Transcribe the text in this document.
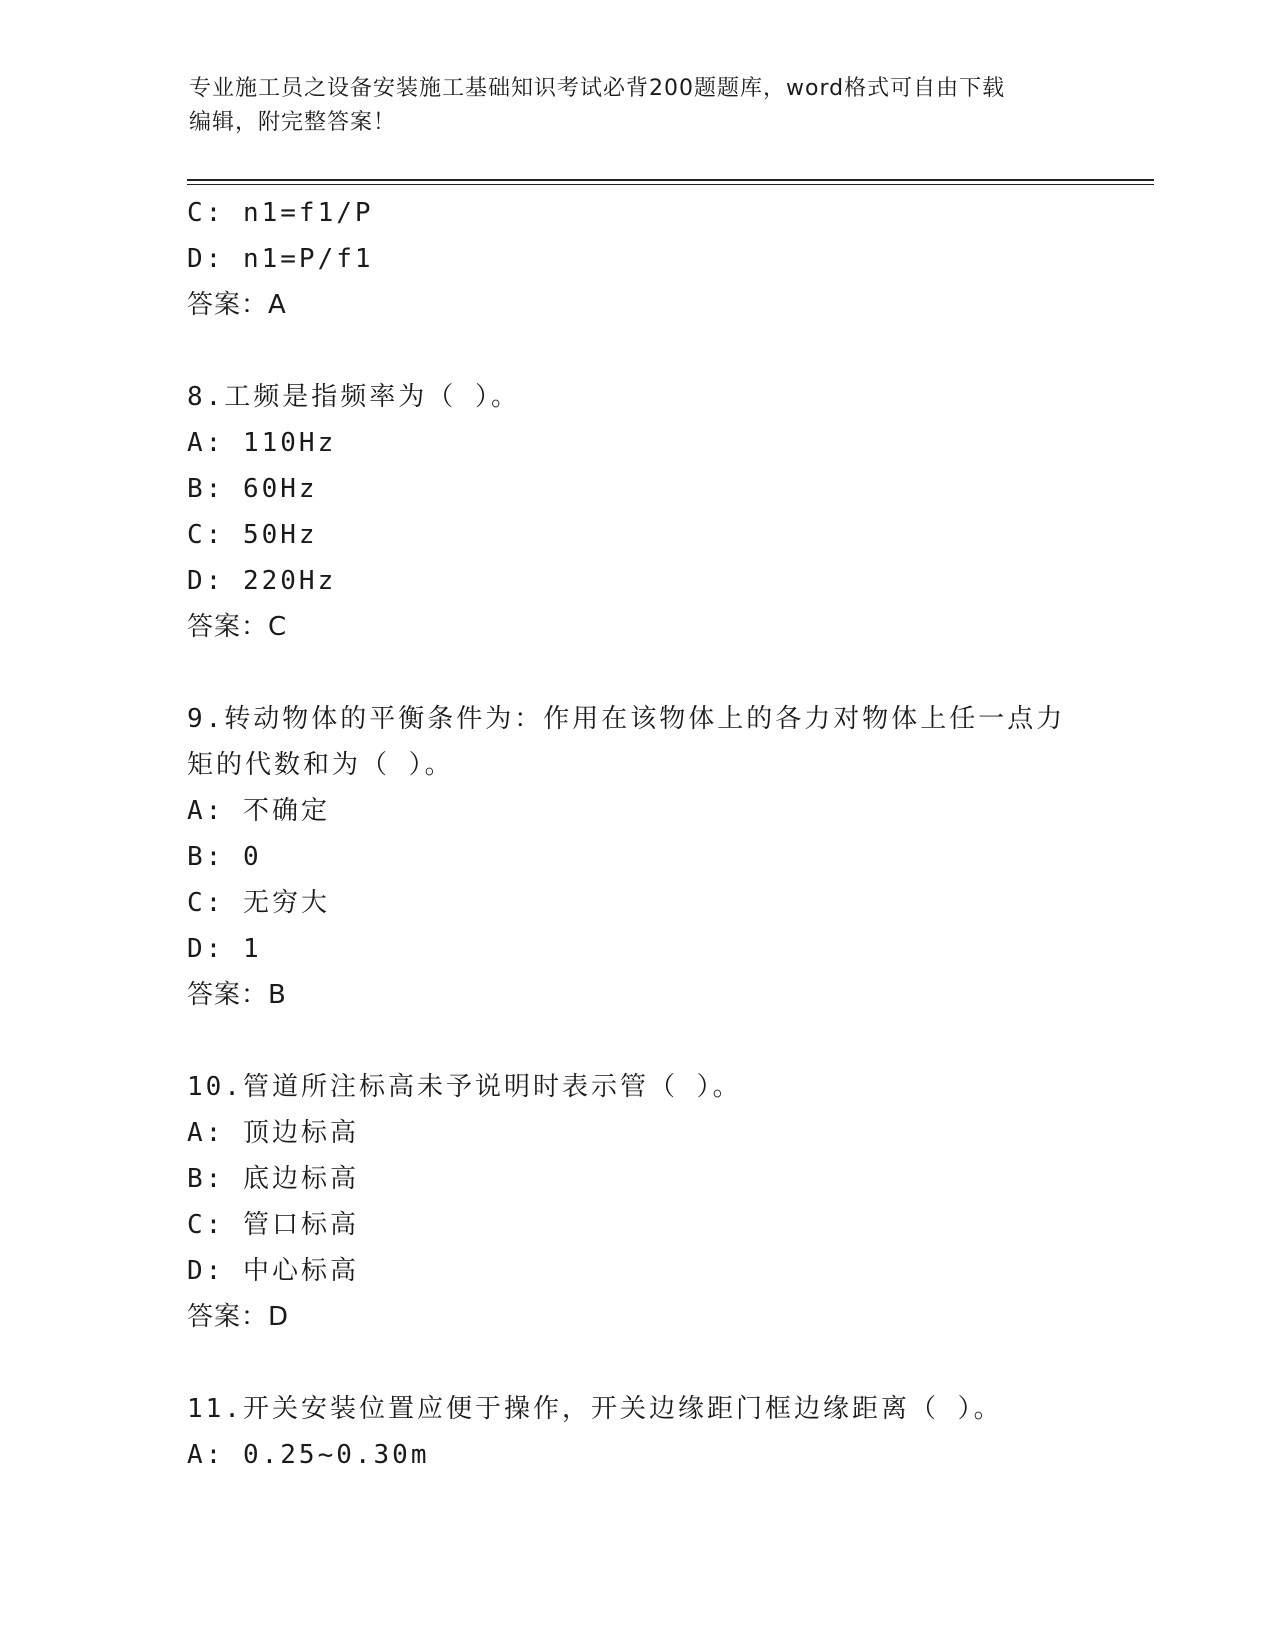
专业施工员之设备安装施工基础知识考试必背200题题库，word格式可自由下载
编辑，附完整答案！
C: n1=f1/P
D: n1=P/f1
答案：A
8.工频是指频率为（ ）。
A: 110Hz
B: 60Hz
C: 50Hz
D: 220Hz
答案：C
9.转动物体的平衡条件为：作用在该物体上的各力对物体上任一点力矩的代数和为（ ）。
A: 不确定
B: 0
C: 无穷大
D: 1
答案：B
10.管道所注标高未予说明时表示管（ ）。
A: 顶边标高
B: 底边标高
C: 管口标高
D: 中心标高
答案：D
11.开关安装位置应便于操作，开关边缘距门框边缘距离（ ）。
A: 0.25~0.30m
